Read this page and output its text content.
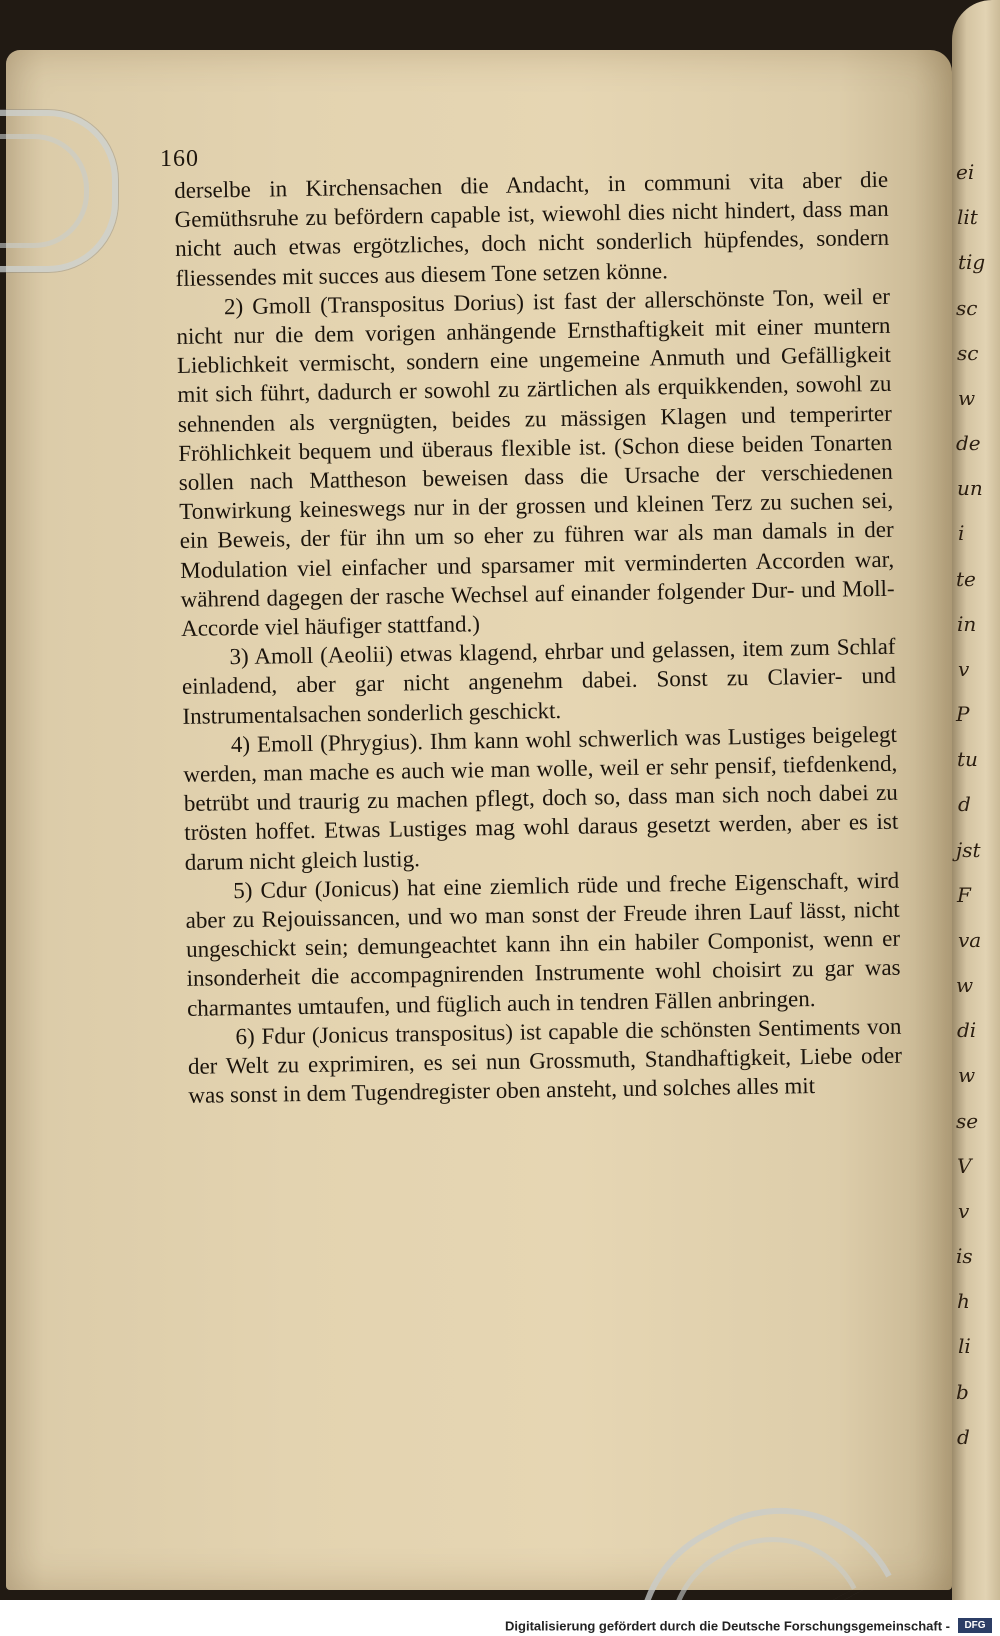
160

derselbe in Kirchensachen die Andacht, in communi vita aber die Gemüthsruhe zu befördern capable ist, wiewohl dies nicht hindert, dass man nicht auch etwas ergötzliches, doch nicht sonderlich hüpfendes, sondern fliessendes mit succes aus diesem Tone setzen könne.

2) Gmoll (Transpositus Dorius) ist fast der allerschönste Ton, weil er nicht nur die dem vorigen anhängende Ernsthaftigkeit mit einer muntern Lieblichkeit vermischt, sondern eine ungemeine Anmuth und Gefälligkeit mit sich führt, dadurch er sowohl zu zärtlichen als erquikkenden, sowohl zu sehnenden als vergnügten, beides zu mässigen Klagen und temperirter Fröhlichkeit bequem und überaus flexible ist. (Schon diese beiden Tonarten sollen nach Mattheson beweisen dass die Ursache der verschiedenen Tonwirkung keineswegs nur in der grossen und kleinen Terz zu suchen sei, ein Beweis, der für ihn um so eher zu führen war als man damals in der Modulation viel einfacher und sparsamer mit verminderten Accorden war, während dagegen der rasche Wechsel auf einander folgender Dur- und Moll-Accorde viel häufiger stattfand.)

3) Amoll (Aeolii) etwas klagend, ehrbar und gelassen, item zum Schlaf einladend, aber gar nicht angenehm dabei. Sonst zu Clavier- und Instrumentalsachen sonderlich geschickt.

4) Emoll (Phrygius). Ihm kann wohl schwerlich was Lustiges beigelegt werden, man mache es auch wie man wolle, weil er sehr pensif, tiefdenkend, betrübt und traurig zu machen pflegt, doch so, dass man sich noch dabei zu trösten hoffet. Etwas Lustiges mag wohl daraus gesetzt werden, aber es ist darum nicht gleich lustig.

5) Cdur (Jonicus) hat eine ziemlich rüde und freche Eigenschaft, wird aber zu Rejouissancen, und wo man sonst der Freude ihren Lauf lässt, nicht ungeschickt sein; demungeachtet kann ihn ein habiler Componist, wenn er insonderheit die accompagnirenden Instrumente wohl choisirt zu gar was charmantes umtaufen, und füglich auch in tendren Fällen anbringen.

6) Fdur (Jonicus transpositus) ist capable die schönsten Sentiments von der Welt zu exprimiren, es sei nun Grossmuth, Standhaftigkeit, Liebe oder was sonst in dem Tugendregister oben ansteht, und solches alles mit

ei
lit
tig
sc
sc
w
de
un
i
te
in
v
P
tu
d
jst
F
va
w
di
w
se
V
v
is
h
li
b
d
Digitalisierung gefördert durch die Deutsche Forschungsgemeinschaft -	DFG
